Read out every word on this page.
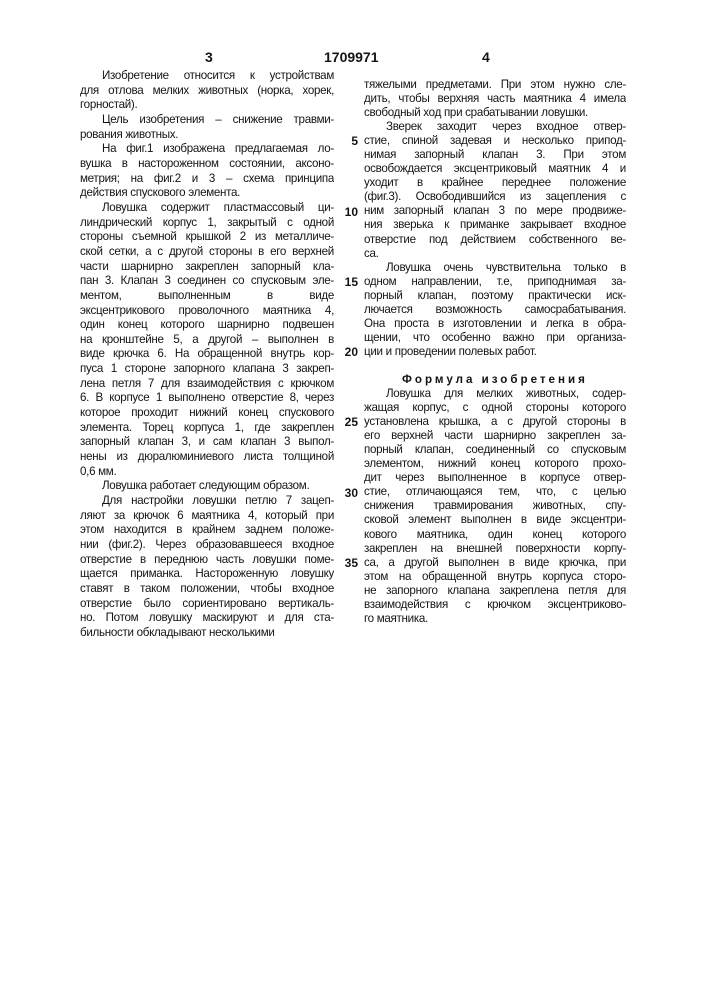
3	1709971	4
Изобретение относится к устройствам
для отлова мелких животных (норка, хорек,
горностай).
Цель изобретения – снижение травми-
рования животных.
На фиг.1 изображена предлагаемая ло-
вушка в настороженном состоянии, аксоно-
метрия; на фиг.2 и 3 – схема принципа
действия спускового элемента.
Ловушка содержит пластмассовый ци-
линдрический корпус 1, закрытый с одной
стороны съемной крышкой 2 из металличе-
ской сетки, а с другой стороны в его верхней
части шарнирно закреплен запорный кла-
пан 3. Клапан 3 соединен со спусковым эле-
ментом, выполненным в виде
эксцентрикового проволочного маятника 4,
один конец которого шарнирно подвешен
на кронштейне 5, а другой – выполнен в
виде крючка 6. На обращенной внутрь кор-
пуса 1 стороне запорного клапана 3 закреп-
лена петля 7 для взаимодействия с крючком
6. В корпусе 1 выполнено отверстие 8, через
которое проходит нижний конец спускового
элемента. Торец корпуса 1, где закреплен
запорный клапан 3, и сам клапан 3 выпол-
нены из дюралюминиевого листа толщиной
0,6 мм.
Ловушка работает следующим образом.
Для настройки ловушки петлю 7 зацеп-
ляют за крючок 6 маятника 4, который при
этом находится в крайнем заднем положе-
нии (фиг.2). Через образовавшееся входное
отверстие в переднюю часть ловушки поме-
щается приманка. Настороженную ловушку
ставят в таком положении, чтобы входное
отверстие было сориентировано вертикаль-
но. Потом ловушку маскируют и для ста-
бильности обкладывают несколькими
тяжелыми предметами. При этом нужно сле-
дить, чтобы верхняя часть маятника 4 имела
свободный ход при срабатывании ловушки.
Зверек заходит через входное отвер-
стие, спиной задевая и несколько припод-
нимая запорный клапан 3. При этом
освобождается эксцентриковый маятник 4 и
уходит в крайнее переднее положение
(фиг.3). Освободившийся из зацепления с
ним запорный клапан 3 по мере продвиже-
ния зверька к приманке закрывает входное
отверстие под действием собственного ве-
са.
Ловушка очень чувствительна только в
одном направлении, т.е, приподнимая за-
порный клапан, поэтому практически иск-
лючается возможность самосрабатывания.
Она проста в изготовлении и легка в обра-
щении, что особенно важно при организа-
ции и проведении полевых работ.
Формула изобретения
Ловушка для мелких животных, содер-
жащая корпус, с одной стороны которого
установлена крышка, а с другой стороны в
его верхней части шарнирно закреплен за-
порный клапан, соединенный со спусковым
элементом, нижний конец которого прохо-
дит через выполненное в корпусе отвер-
стие, отличающаяся тем, что, с целью
снижения травмирования животных, спу-
сковой элемент выполнен в виде эксцентри-
кового маятника, один конец которого
закреплен на внешней поверхности корпу-
са, а другой выполнен в виде крючка, при
этом на обращенной внутрь корпуса сторо-
не запорного клапана закреплена петля для
взаимодействия с крючком эксцентриково-
го маятника.
5
10
15
20
25
30
35
